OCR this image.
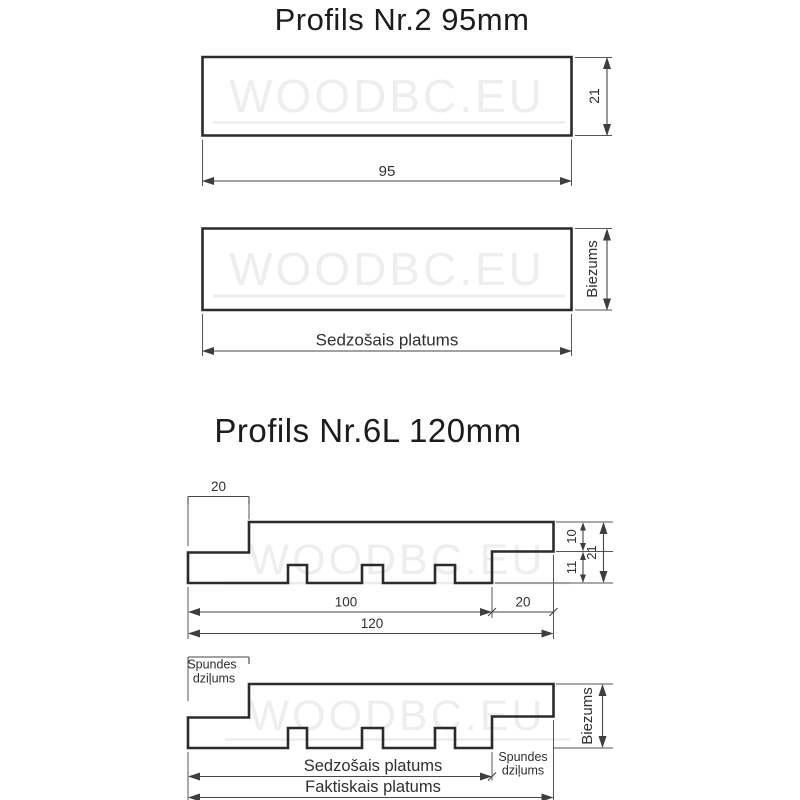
Profils Nr.2 95mm
Profils Nr.6L 120mm
WOODBC.EU	21
95
WOODBC.EU	Biezums
Sedzošais platums
WOODBC.EU
20
10
11
21
100	20
120
WOODBC.EU
Spundes
dziļums
Biezums
Sedzošais platums	Spundes
dziļums
Faktiskais platums
